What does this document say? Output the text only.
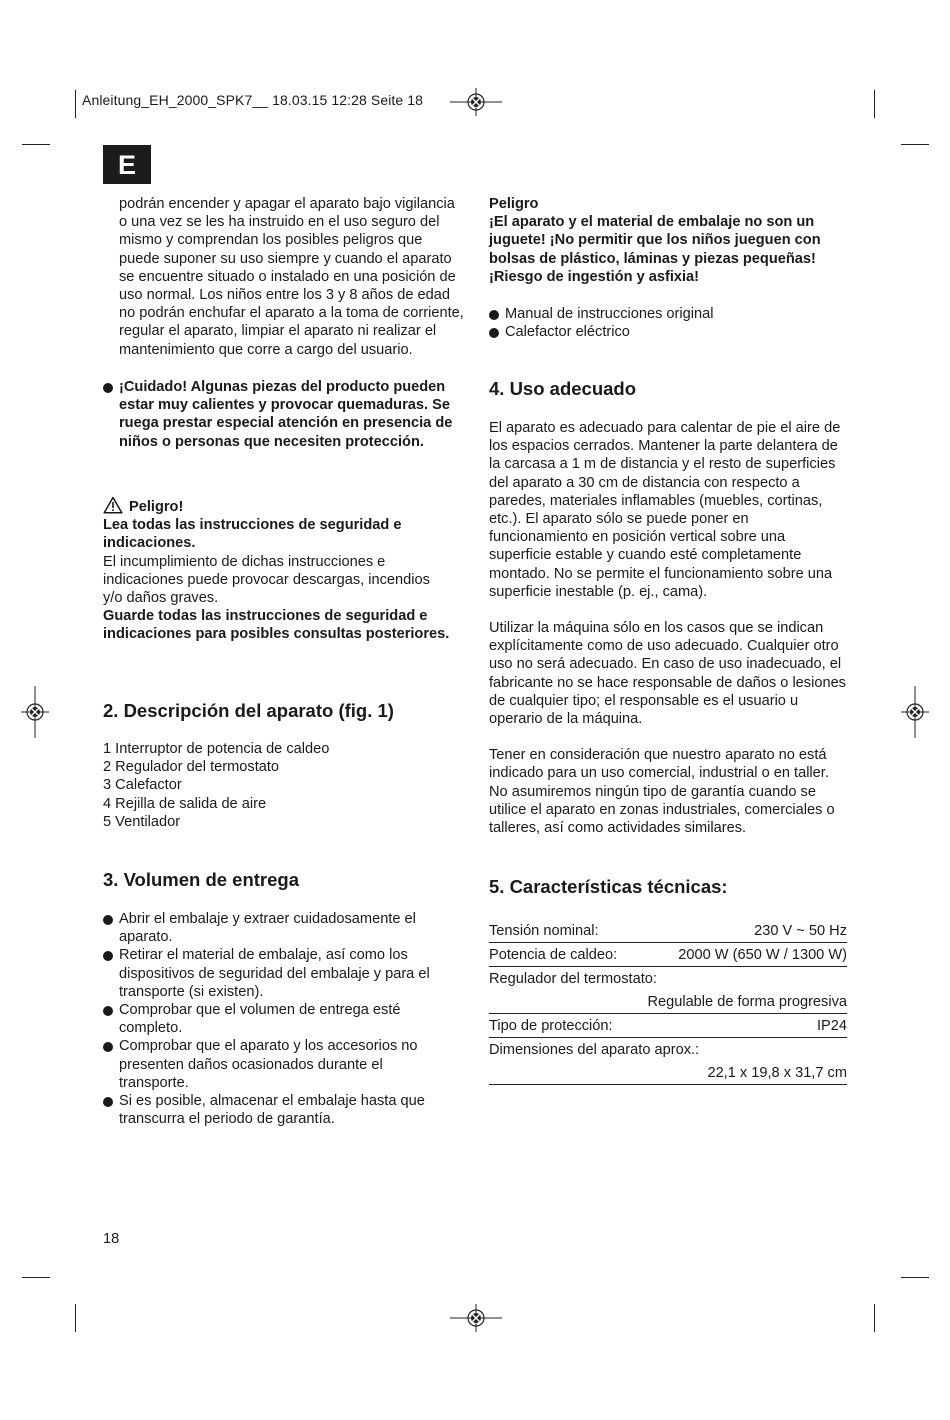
Anleitung_EH_2000_SPK7__ 18.03.15 12:28 Seite 18
E

podrán encender y apagar el aparato bajo vigilancia o una vez se les ha instruido en el uso seguro del mismo y comprendan los posibles peligros que puede suponer su uso siempre y cuando el aparato se encuentre situado o instalado en una posición de uso normal. Los niños entre los 3 y 8 años de edad no podrán enchufar el aparato a la toma de corriente, regular el aparato, limpiar el aparato ni realizar el mantenimiento que corre a cargo del usuario.

¡Cuidado! Algunas piezas del producto pueden estar muy calientes y provocar quemaduras. Se ruega prestar especial atención en presencia de niños o personas que necesiten protección.

Peligro!

Lea todas las instrucciones de seguridad e indicaciones.

El incumplimiento de dichas instrucciones e indicaciones puede provocar descargas, incendios y/o daños graves.

Guarde todas las instrucciones de seguridad e indicaciones para posibles consultas posteriores.

2. Descripción del aparato (fig. 1)

1 Interruptor de potencia de caldeo

2 Regulador del termostato

3 Calefactor

4 Rejilla de salida de aire

5 Ventilador

3. Volumen de entrega
Abrir el embalaje y extraer cuidadosamente el aparato.
Retirar el material de embalaje, así como los dispositivos de seguridad del embalaje y para el transporte (si existen).
Comprobar que el volumen de entrega esté completo.
Comprobar que el aparato y los accesorios no presenten daños ocasionados durante el transporte.
Si es posible, almacenar el embalaje hasta que transcurra el periodo de garantía.

Peligro

¡El aparato y el material de embalaje no son un juguete! ¡No permitir que los niños jueguen con bolsas de plástico, láminas y piezas pequeñas! ¡Riesgo de ingestión y asfixia!

Manual de instrucciones original
Calefactor eléctrico
4. Uso adecuado

El aparato es adecuado para calentar de pie el aire de los espacios cerrados. Mantener la parte delantera de la carcasa a 1 m de distancia y el resto de superficies del aparato a 30 cm de distancia con respecto a paredes, materiales inflamables (muebles, cortinas, etc.). El aparato sólo se puede poner en funcionamiento en posición vertical sobre una superficie estable y cuando esté completamente montado. No se permite el funcionamiento sobre una superficie inestable (p. ej., cama).

Utilizar la máquina sólo en los casos que se indican explícitamente como de uso adecuado. Cualquier otro uso no será adecuado. En caso de uso inadecuado, el fabricante no se hace responsable de daños o lesiones de cualquier tipo; el responsable es el usuario u operario de la máquina.

Tener en consideración que nuestro aparato no está indicado para un uso comercial, industrial o en taller. No asumiremos ningún tipo de garantía cuando se utilice el aparato en zonas industriales, comerciales o talleres, así como actividades similares.

5. Características técnicas:
Tensión nominal:	230 V ~ 50 Hz
Potencia de caldeo:	2000 W (650 W / 1300 W)
Regulador del termostato:
Regulable de forma progresiva
Tipo de protección:	IP24
Dimensiones del aparato aprox.:
22,1 x 19,8 x 31,7 cm
18
